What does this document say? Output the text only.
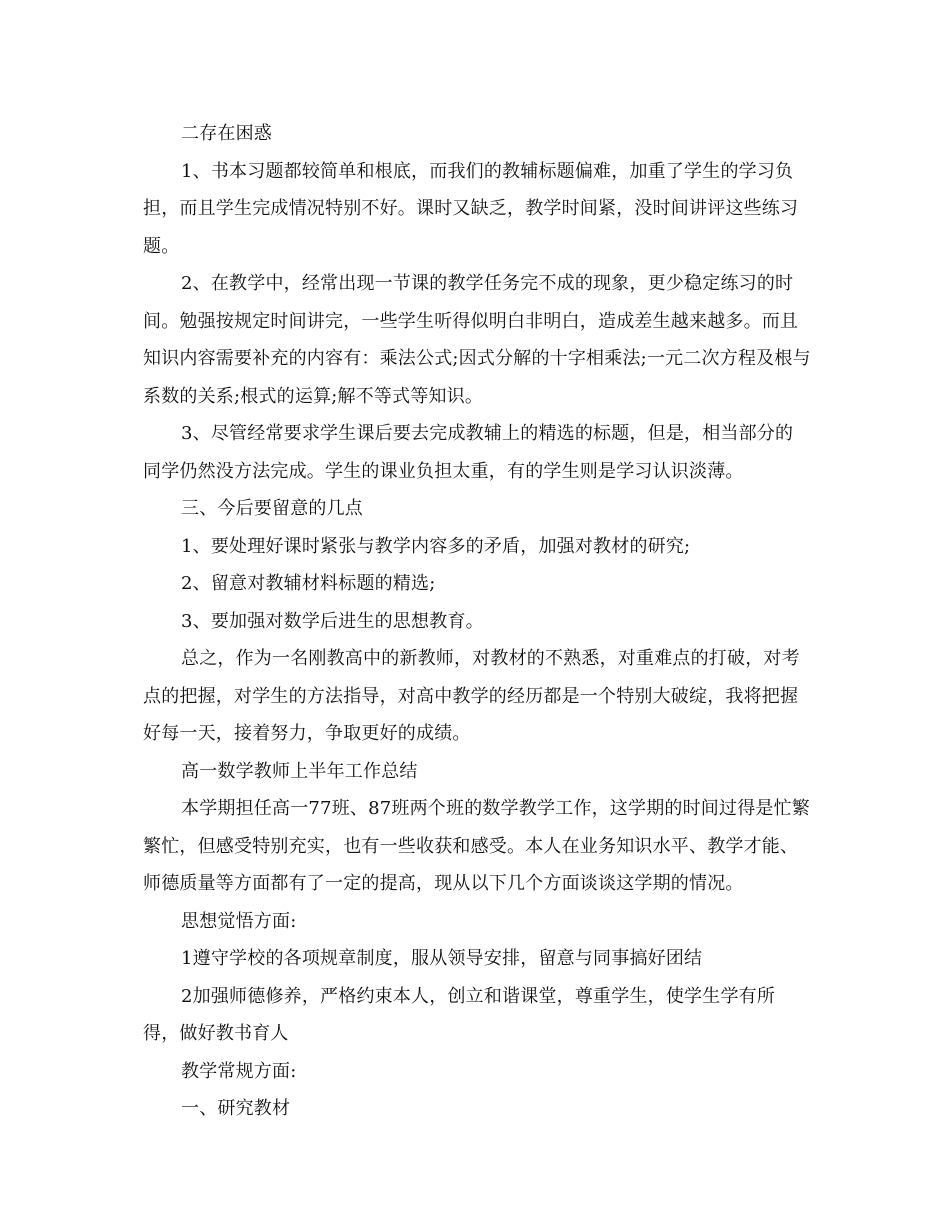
二存在困惑

1、书本习题都较简单和根底，而我们的教辅标题偏难，加重了学生的学习负担，而且学生完成情况特别不好。课时又缺乏，教学时间紧，没时间讲评这些练习题。

2、在教学中，经常出现一节课的教学任务完不成的现象，更少稳定练习的时间。勉强按规定时间讲完，一些学生听得似明白非明白，造成差生越来越多。而且知识内容需要补充的内容有：乘法公式;因式分解的十字相乘法;一元二次方程及根与系数的关系;根式的运算;解不等式等知识。

3、尽管经常要求学生课后要去完成教辅上的精选的标题，但是，相当部分的同学仍然没方法完成。学生的课业负担太重，有的学生则是学习认识淡薄。

三、今后要留意的几点

1、要处理好课时紧张与教学内容多的矛盾，加强对教材的研究;

2、留意对教辅材料标题的精选;

3、要加强对数学后进生的思想教育。

总之，作为一名刚教高中的新教师，对教材的不熟悉，对重难点的打破，对考点的把握，对学生的方法指导，对高中教学的经历都是一个特别大破绽，我将把握好每一天，接着努力，争取更好的成绩。

高一数学教师上半年工作总结

本学期担任高一77班、87班两个班的数学教学工作，这学期的时间过得是忙繁繁忙，但感受特别充实，也有一些收获和感受。本人在业务知识水平、教学才能、师德质量等方面都有了一定的提高，现从以下几个方面谈谈这学期的情况。

思想觉悟方面:

1遵守学校的各项规章制度，服从领导安排，留意与同事搞好团结

2加强师德修养，严格约束本人，创立和谐课堂，尊重学生，使学生学有所得，做好教书育人

教学常规方面:

一、研究教材
